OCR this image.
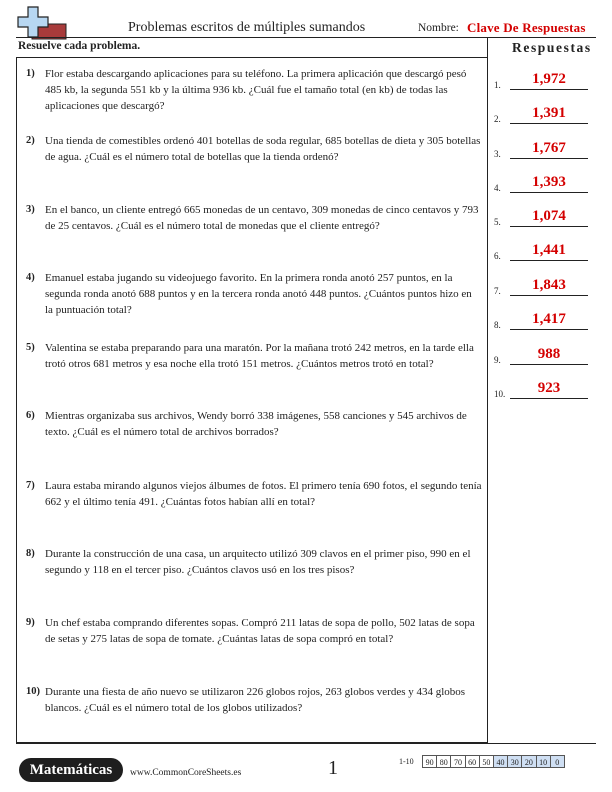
Problemas escritos de múltiples sumandos	Nombre: Clave De Respuestas
Resuelve cada problema.
1) Flor estaba descargando aplicaciones para su teléfono. La primera aplicación que descargó pesó 485 kb, la segunda 551 kb y la última 936 kb. ¿Cuál fue el tamaño total (en kb) de todas las aplicaciones que descargó?
2) Una tienda de comestibles ordenó 401 botellas de soda regular, 685 botellas de dieta y 305 botellas de agua. ¿Cuál es el número total de botellas que la tienda ordenó?
3) En el banco, un cliente entregó 665 monedas de un centavo, 309 monedas de cinco centavos y 793 de 25 centavos. ¿Cuál es el número total de monedas que el cliente entregó?
4) Emanuel estaba jugando su videojuego favorito. En la primera ronda anotó 257 puntos, en la segunda ronda anotó 688 puntos y en la tercera ronda anotó 448 puntos. ¿Cuántos puntos hizo en la puntuación total?
5) Valentina se estaba preparando para una maratón. Por la mañana trotó 242 metros, en la tarde ella trotó otros 681 metros y esa noche ella trotó 151 metros. ¿Cuántos metros trotó en total?
6) Mientras organizaba sus archivos, Wendy borró 338 imágenes, 558 canciones y 545 archivos de texto. ¿Cuál es el número total de archivos borrados?
7) Laura estaba mirando algunos viejos álbumes de fotos. El primero tenía 690 fotos, el segundo tenía 662 y el último tenía 491. ¿Cuántas fotos habían allí en total?
8) Durante la construcción de una casa, un arquitecto utilizó 309 clavos en el primer piso, 990 en el segundo y 118 en el tercer piso. ¿Cuántos clavos usó en los tres pisos?
9) Un chef estaba comprando diferentes sopas. Compró 211 latas de sopa de pollo, 502 latas de sopa de setas y 275 latas de sopa de tomate. ¿Cuántas latas de sopa compró en total?
10) Durante una fiesta de año nuevo se utilizaron 226 globos rojos, 263 globos verdes y 434 globos blancos. ¿Cuál es el número total de los globos utilizados?
Respuestas
1.	1,972
2.	1,391
3.	1,767
4.	1,393
5.	1,074
6.	1,441
7.	1,843
8.	1,417
9.	988
10.	923
Matemáticas	www.CommonCoreSheets.es	1	1-10	90 80 70 60 50 40 30 20 10	0
